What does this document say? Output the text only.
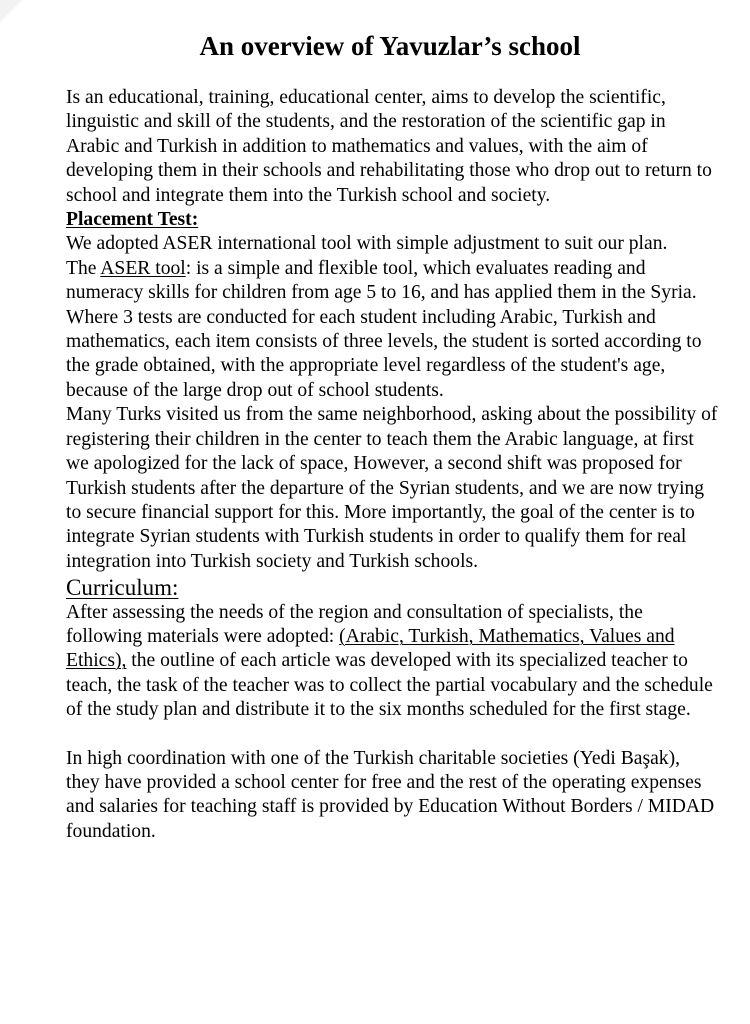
An overview of Yavuzlar’s school

Is an educational, training, educational center, aims to develop the scientific, linguistic and skill of the students, and the restoration of the scientific gap in Arabic and Turkish in addition to mathematics and values, with the aim of developing them in their schools and rehabilitating those who drop out to return to school and integrate them into the Turkish school and society.

Placement Test:

We adopted ASER international tool with simple adjustment to suit our plan.

The ASER tool: is a simple and flexible tool, which evaluates reading and numeracy skills for children from age 5 to 16, and has applied them in the Syria.

Where 3 tests are conducted for each student including Arabic, Turkish and mathematics, each item consists of three levels, the student is sorted according to the grade obtained, with the appropriate level regardless of the student's age, because of the large drop out of school students.

Many Turks visited us from the same neighborhood, asking about the possibility of registering their children in the center to teach them the Arabic language, at first we apologized for the lack of space, However, a second shift was proposed for Turkish students after the departure of the Syrian students, and we are now trying to secure financial support for this. More importantly, the goal of the center is to integrate Syrian students with Turkish students in order to qualify them for real integration into Turkish society and Turkish schools.

Curriculum:

After assessing the needs of the region and consultation of specialists, the following materials were adopted: (Arabic, Turkish, Mathematics, Values and Ethics), the outline of each article was developed with its specialized teacher to teach, the task of the teacher was to collect the partial vocabulary and the schedule of the study plan and distribute it to the six months scheduled for the first stage.

In high coordination with one of the Turkish charitable societies (Yedi Başak), they have provided a school center for free and the rest of the operating expenses and salaries for teaching staff is provided by Education Without Borders / MIDAD foundation.
